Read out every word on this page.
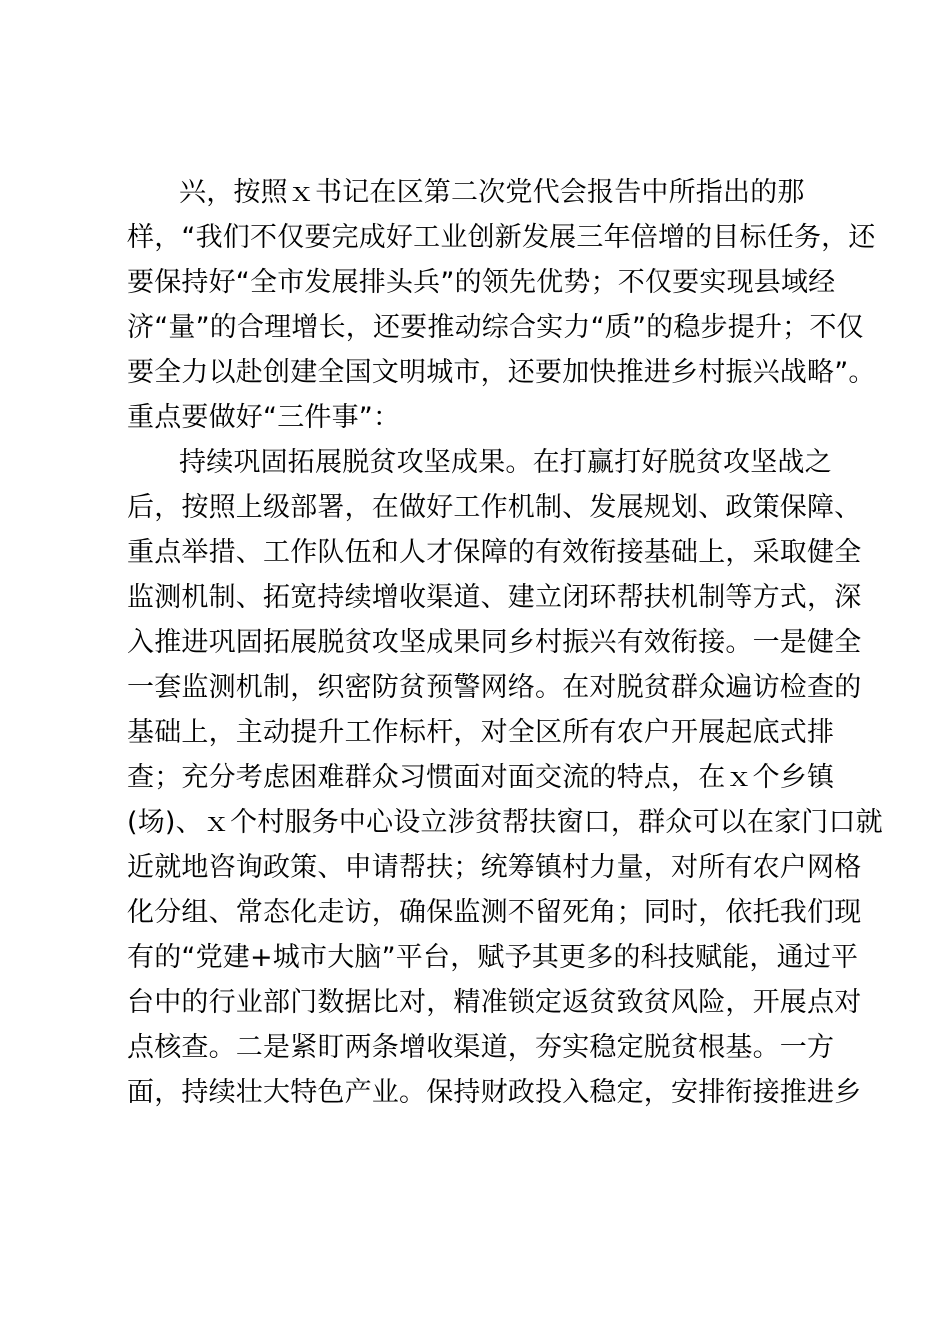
兴，按照ｘ书记在区第二次党代会报告中所指出的那
样，“我们不仅要完成好工业创新发展三年倍增的目标任务，还
要保持好“全市发展排头兵”的领先优势；不仅要实现县域经
济“量”的合理增长，还要推动综合实力“质”的稳步提升；不仅
要全力以赴创建全国文明城市，还要加快推进乡村振兴战略”。
重点要做好“三件事”：
持续巩固拓展脱贫攻坚成果。在打赢打好脱贫攻坚战之
后，按照上级部署，在做好工作机制、发展规划、政策保障、
重点举措、工作队伍和人才保障的有效衔接基础上，采取健全
监测机制、拓宽持续增收渠道、建立闭环帮扶机制等方式，深
入推进巩固拓展脱贫攻坚成果同乡村振兴有效衔接。一是健全
一套监测机制，织密防贫预警网络。在对脱贫群众遍访检查的
基础上，主动提升工作标杆，对全区所有农户开展起底式排
查；充分考虑困难群众习惯面对面交流的特点，在ｘ个乡镇
(场)、ｘ个村服务中心设立涉贫帮扶窗口，群众可以在家门口就
近就地咨询政策、申请帮扶；统筹镇村力量，对所有农户网格
化分组、常态化走访，确保监测不留死角；同时，依托我们现
有的“党建+城市大脑”平台，赋予其更多的科技赋能，通过平
台中的行业部门数据比对，精准锁定返贫致贫风险，开展点对
点核查。二是紧盯两条增收渠道，夯实稳定脱贫根基。一方
面，持续壮大特色产业。保持财政投入稳定，安排衔接推进乡
